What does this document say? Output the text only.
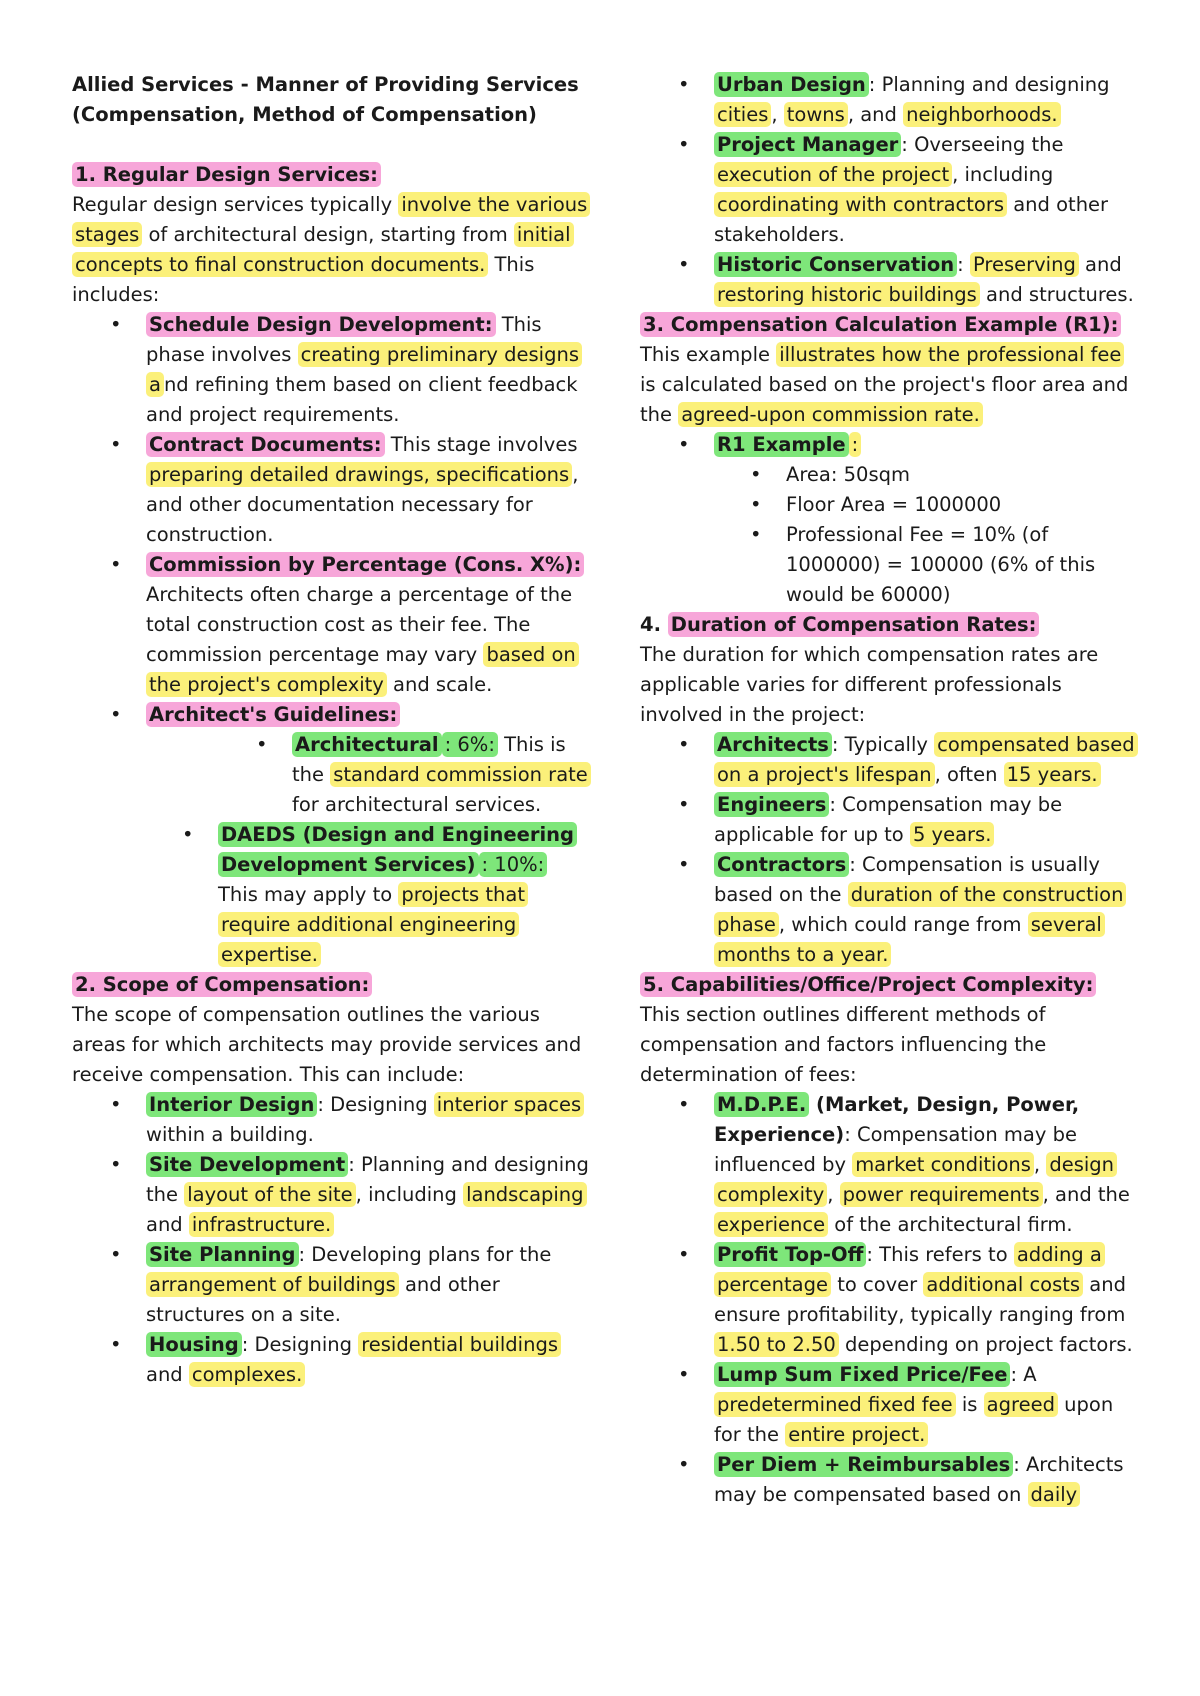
Allied Services - Manner of Providing Services (Compensation, Method of Compensation)

1. Regular Design Services:

Regular design services typically involve the various stages of architectural design, starting from initial concepts to final construction documents. This includes:

• Schedule Design Development: This phase involves creating preliminary designs a nd refining them based on client feedback and project requirements.
• Contract Documents: This stage involves preparing detailed drawings, specifications , and other documentation necessary for construction.
• Commission by Percentage (Cons. X%): Architects often charge a percentage of the total construction cost as their fee. The commission percentage may vary based on the project's complexity and scale.
• Architect's Guidelines:
• Architectural : 6%: This is the standard commission rate for architectural services.
• DAEDS (Design and Engineering Development Services) : 10%: This may apply to projects that require additional engineering expertise.

2. Scope of Compensation:

The scope of compensation outlines the various areas for which architects may provide services and receive compensation. This can include:

• Interior Design : Designing interior spaces within a building.
• Site Development : Planning and designing the layout of the site , including landscaping and infrastructure.
• Site Planning : Developing plans for the arrangement of buildings and other structures on a site.
• Housing : Designing residential buildings and complexes.
• Urban Design : Planning and designing cities , towns , and neighborhoods.
• Project Manager : Overseeing the execution of the project , including coordinating with contractors and other stakeholders.
• Historic Conservation : Preserving and restoring historic buildings and structures.

3. Compensation Calculation Example (R1):

This example illustrates how the professional fee is calculated based on the project's floor area and the agreed-upon commission rate.

• R1 Example :
• Area: 50sqm
• Floor Area = 1000000
• Professional Fee = 10% (of 1000000) = 100000 (6% of this would be 60000)

4. Duration of Compensation Rates:

The duration for which compensation rates are applicable varies for different professionals involved in the project:

• Architects : Typically compensated based on a project's lifespan , often 15 years.
• Engineers : Compensation may be applicable for up to 5 years.
• Contractors : Compensation is usually based on the duration of the construction phase , which could range from several months to a year.

5. Capabilities/Office/Project Complexity:

This section outlines different methods of compensation and factors influencing the determination of fees:

• M.D.P.E. (Market, Design, Power, Experience): Compensation may be influenced by market conditions , design complexity , power requirements , and the experience of the architectural firm.
• Profit Top-Off : This refers to adding a percentage to cover additional costs and ensure profitability, typically ranging from 1.50 to 2.50 depending on project factors.
• Lump Sum Fixed Price/Fee : A predetermined fixed fee is agreed upon for the entire project.
• Per Diem + Reimbursables : Architects may be compensated based on daily
